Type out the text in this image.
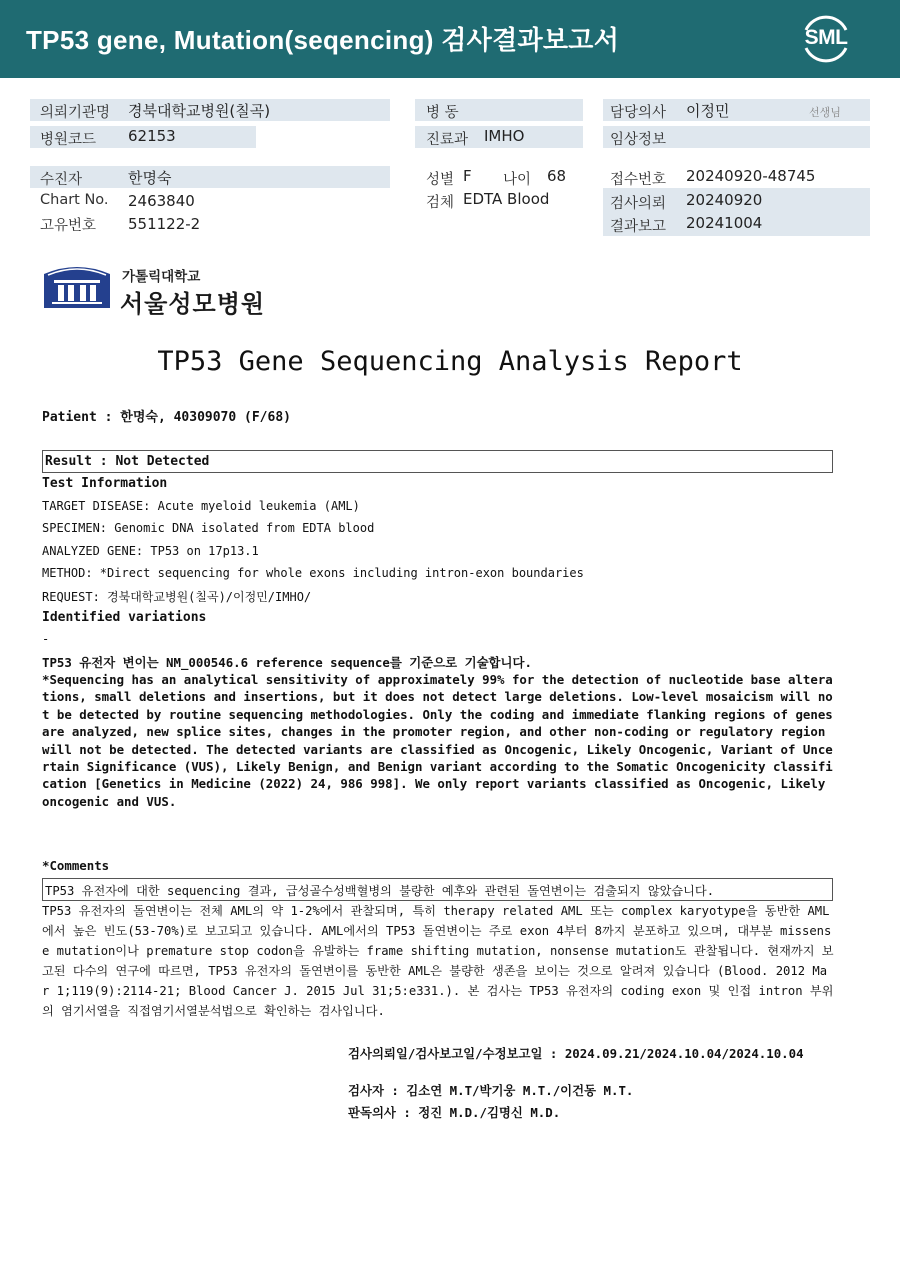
TP53 gene, Mutation(seqencing) 검사결과보고서	SML
의뢰기관명 경북대학교병원(칠곡)
병원코드 62153
병 동
진료과 IMHO
담당의사 이정민	선생님
임상정보
수진자	한명숙
Chart No. 2463840
고유번호 551122-2
성별 F 나이 68
검체 EDTA Blood
접수번호 20240920-48745
검사의뢰 20240920
결과보고 20241004
가톨릭대학교
서울성모병원
TP53 Gene Sequencing Analysis Report
Patient : 한명숙, 40309070 (F/68)
Result : Not Detected
Test Information
TARGET DISEASE: Acute myeloid leukemia (AML)
SPECIMEN: Genomic DNA isolated from EDTA blood
ANALYZED GENE: TP53 on 17p13.1
METHOD: *Direct sequencing for whole exons including intron-exon boundaries
REQUEST: 경북대학교병원(칠곡)/이정민/IMHO/
Identified variations
-
TP53 유전자 변이는 NM_000546.6 reference sequence를 기준으로 기술합니다.
*Sequencing has an analytical sensitivity of approximately 99% for the detection of nucleotide base alterations, small deletions and insertions, but it does not detect large deletions. Low-level mosaicism will not be detected by routine sequencing methodologies. Only the coding and immediate flanking regions of genes are analyzed, new splice sites, changes in the promoter region, and other non-coding or regulatory region will not be detected. The detected variants are classified as Oncogenic, Likely Oncogenic, Variant of Uncertain Significance (VUS), Likely Benign, and Benign variant according to the Somatic Oncogenicity classification [Genetics in Medicine (2022) 24, 986 998]. We only report variants classified as Oncogenic, Likely oncogenic and VUS.
*Comments
TP53 유전자에 대한 sequencing 결과, 급성골수성백혈병의 불량한 예후와 관련된 돌연변이는 검출되지 않았습니다.
TP53 유전자의 돌연변이는 전체 AML의 약 1-2%에서 관찰되며, 특히 therapy related AML 또는 complex karyotype을 동반한 AML에서 높은 빈도(53-70%)로 보고되고 있습니다. AML에서의 TP53 돌연변이는 주로 exon 4부터 8까지 분포하고 있으며, 대부분 missense mutation이나 premature stop codon을 유발하는 frame shifting mutation, nonsense mutation도 관찰됩니다. 현재까지 보고된 다수의 연구에 따르면, TP53 유전자의 돌연변이를 동반한 AML은 불량한 생존을 보이는 것으로 알려져 있습니다 (Blood. 2012 Mar 1;119(9):2114-21; Blood Cancer J. 2015 Jul 31;5:e331.). 본 검사는 TP53 유전자의 coding exon 및 인접 intron 부위의 염기서열을 직접염기서열분석법으로 확인하는 검사입니다.
검사의뢰일/검사보고일/수정보고일 : 2024.09.21/2024.10.04/2024.10.04
검사자 : 김소연 M.T/박기웅 M.T./이건동 M.T.
판독의사 : 정진 M.D./김명신 M.D.
